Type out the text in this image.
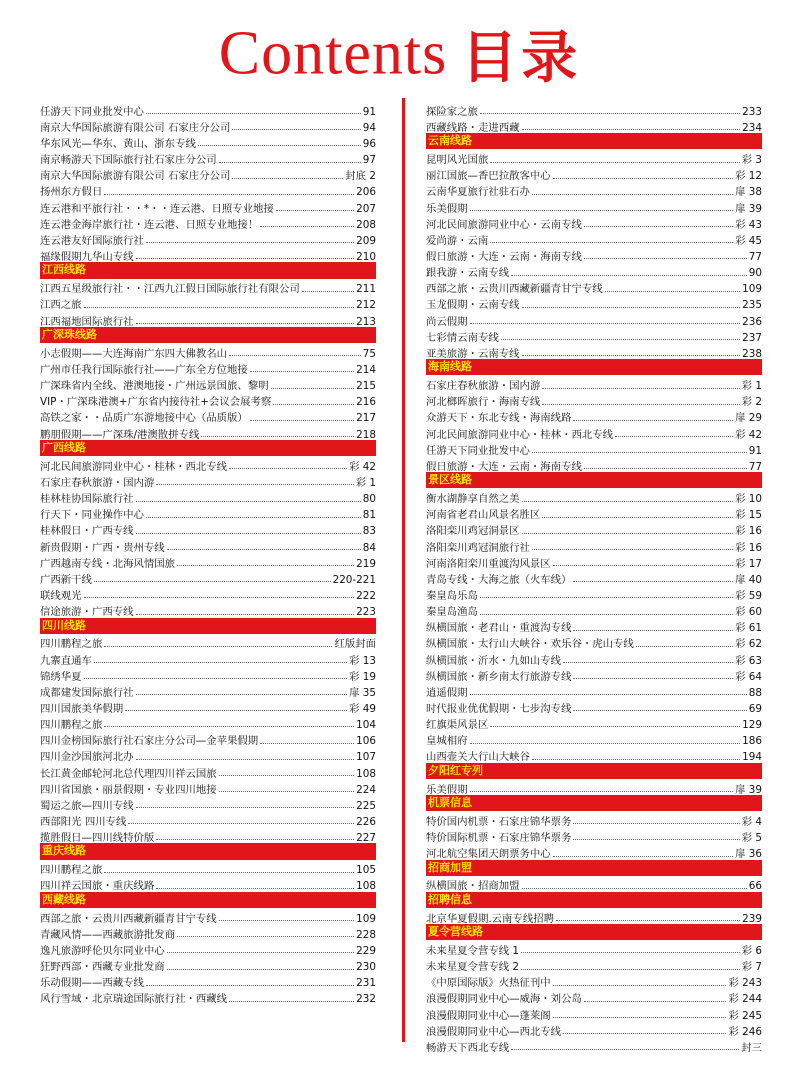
Contents 目录
任游天下同业批发中心	91
南京大华国际旅游有限公司 石家庄分公司	94
华东风光—华东、黄山、浙东专线	96
南京畅游天下国际旅行社石家庄分公司	97
南京大华国际旅游有限公司 石家庄分公司	封底 2
扬州东方假日	206
连云港和平旅行社・・*・・连云港、日照专业地接	207
连云港金海岸旅行社・连云港、日照专业地接！	208
连云港友好国际旅行社	209
福缘假期九华山专线	210
江西线路
江西五星级旅行社・・江西九江假日国际旅行社有限公司	211
江西之旅	212
江西福地国际旅行社	213
广深珠线路
小志假期——大连海南广东四大佛教名山	75
广州市任我行国际旅行社——广东全方位地接	214
广深珠省内全线、港澳地接・广州远景国旅、黎明	215
VIP・广深珠港澳+广东省内接待社+会议会展考察	216
高铁之家・・品质广东游地接中心（品质版）	217
鹏朋假期——广深珠/港澳散拼专线	218
广西线路
河北民间旅游同业中心・桂林・西北专线	彩 42
石家庄春秋旅游・国内游	彩 1
桂林桂协国际旅行社	80
行天下・同业操作中心	81
桂林假日・广西专线	83
新贵假期・广西・贵州专线	84
广西越南专线・北海风情国旅	219
广西新干线	220-221
联线观光	222
信途旅游・广西专线	223
四川线路
四川鹏程之旅	红版封面
九寨直通车	彩 13
锦绣华夏	彩 19
成都建发国际旅行社	扉 35
四川国旅美华假期	彩 49
四川鹏程之旅	104
四川金榜国际旅行社石家庄分公司—金苹果假期	106
四川金沙国旅河北办	107
长江黄金邮轮河北总代理四川祥云国旅	108
四川省国旅・丽景假期・专业四川地接	224
蜀运之旅—四川专线	225
西部阳光 四川专线	226
揽胜假日—四川线特价版	227
重庆线路
四川鹏程之旅	105
四川祥云国旅・重庆线路	108
西藏线路
西部之旅・云贵川西藏新疆青甘宁专线	109
青藏风情——西藏旅游批发商	228
逸凡旅游呼伦贝尔同业中心	229
狂野西部・西藏专业批发商	230
乐动假期——西藏专线	231
风行雪域・北京瑞途国际旅行社・西藏线	232
探险家之旅	233
西藏线路・走进西藏	234
云南线路
昆明风光国旅	彩 3
丽江国旅—香巴拉散客中心	彩 12
云南华夏旅行社驻石办	扉 38
乐美假期	扉 39
河北民间旅游同业中心・云南专线	彩 43
爱尚游・云南	彩 45
假日旅游・大连・云南・海南专线	77
跟我游・云南专线	90
西部之旅・云贵川西藏新疆青甘宁专线	109
玉龙假期・云南专线	235
尚云假期	236
七彩情云南专线	237
亚美旅游・云南专线	238
海南线路
石家庄春秋旅游・国内游	彩 1
河北榔晖旅行・海南专线	彩 2
众游天下・东北专线・海南线路	扉 29
河北民间旅游同业中心・桂林・西北专线	彩 42
任游天下同业批发中心	91
假日旅游・大连・云南・海南专线	77
景区线路
衡水湖静享自然之美	彩 10
河南省老君山风景名胜区	彩 15
洛阳栾川鸡冠洞景区	彩 16
洛阳栾川鸡冠洞旅行社	彩 16
河南洛阳栾川重渡沟风景区	彩 17
青岛专线・大海之旅（火车线）	扉 40
秦皇岛乐岛	彩 59
秦皇岛渔岛	彩 60
纵横国旅・老君山・重渡沟专线	彩 61
纵横国旅・太行山大峡谷・欢乐谷・虎山专线	彩 62
纵横国旅・沂水・九如山专线	彩 63
纵横国旅・新乡南太行旅游专线	彩 64
逍遥假期	88
时代报业优优假期・七步沟专线	69
红旗渠风景区	129
皇城相府	186
山西壶关大行山大峡谷	194
夕阳红专列
乐美假期	扉 39
机票信息
特价国内机票・石家庄锦华票务	彩 4
特价国际机票・石家庄锦华票务	彩 5
河北航空集团天朗票务中心	扉 36
招商加盟
纵横国旅・招商加盟	66
招聘信息
北京华夏假期.云南专线招聘	239
夏令营线路
未来星夏令营专线 1	彩 6
未来星夏令营专线 2	彩 7
《中原国际版》火热征刊中	彩 243
浪漫假期同业中心—威海・刘公岛	彩 244
浪漫假期同业中心—蓬莱阁	彩 245
浪漫假期同业中心—西北专线	彩 246
畅游天下西北专线	封三
